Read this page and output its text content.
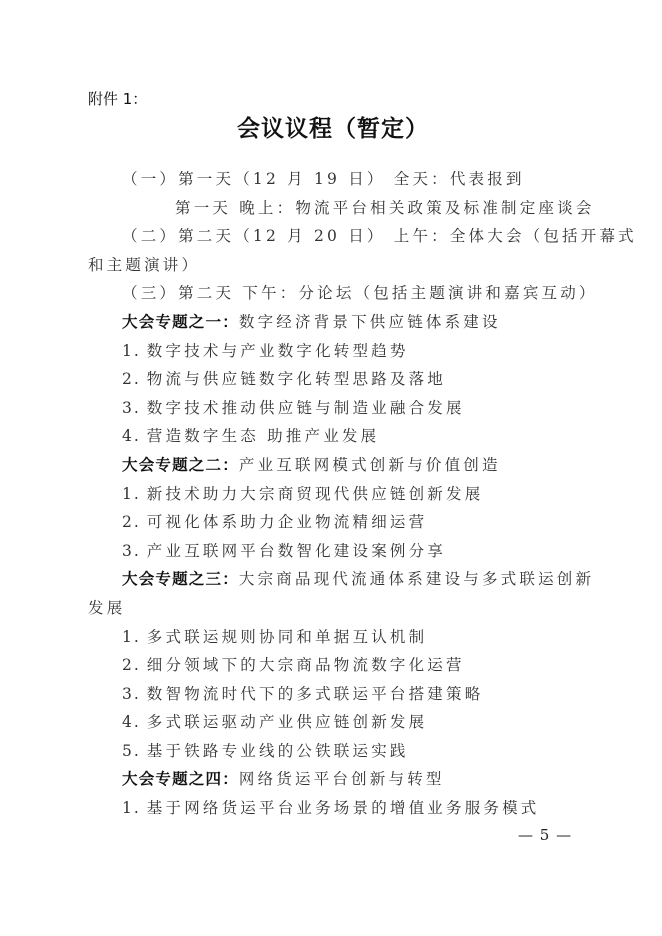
附件 1：
会议议程（暂定）
（一）第一天（12 月 19 日） 全天：代表报到
第一天 晚上：物流平台相关政策及标准制定座谈会
（二）第二天（12 月 20 日） 上午：全体大会（包括开幕式
和主题演讲）
（三）第二天 下午：分论坛（包括主题演讲和嘉宾互动）
大会专题之一：数字经济背景下供应链体系建设
1. 数字技术与产业数字化转型趋势
2. 物流与供应链数字化转型思路及落地
3. 数字技术推动供应链与制造业融合发展
4. 营造数字生态 助推产业发展
大会专题之二：产业互联网模式创新与价值创造
1. 新技术助力大宗商贸现代供应链创新发展
2. 可视化体系助力企业物流精细运营
3. 产业互联网平台数智化建设案例分享
大会专题之三：大宗商品现代流通体系建设与多式联运创新
发展
1. 多式联运规则协同和单据互认机制
2. 细分领域下的大宗商品物流数字化运营
3. 数智物流时代下的多式联运平台搭建策略
4. 多式联运驱动产业供应链创新发展
5. 基于铁路专业线的公铁联运实践
大会专题之四：网络货运平台创新与转型
1. 基于网络货运平台业务场景的增值业务服务模式
— 5 —
